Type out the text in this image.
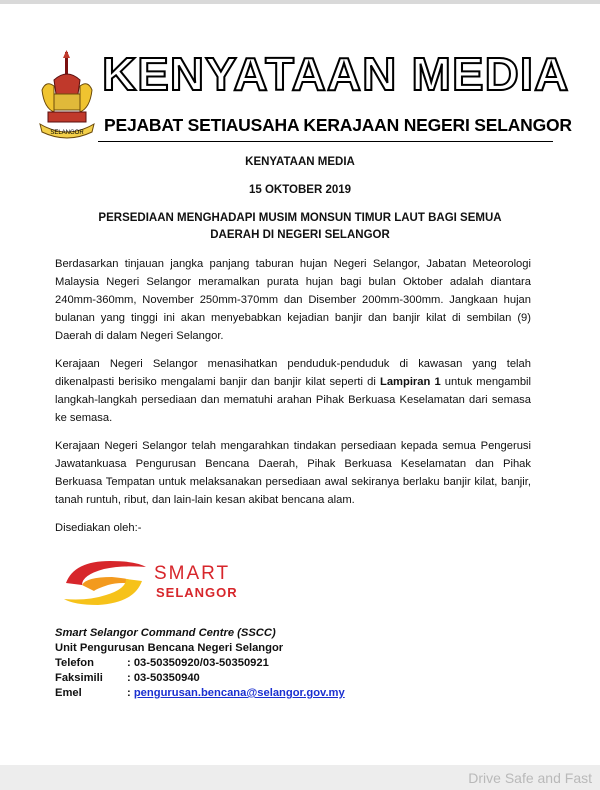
SELANGOR
KENYATAAN MEDIA
PEJABAT SETIAUSAHA KERAJAAN NEGERI SELANGOR
KENYATAAN MEDIA
15 OKTOBER 2019
PERSEDIAAN MENGHADAPI MUSIM MONSUN TIMUR LAUT BAGI SEMUA
DAERAH DI NEGERI SELANGOR
Berdasarkan tinjauan jangka panjang taburan hujan Negeri Selangor, Jabatan Meteorologi Malaysia Negeri Selangor meramalkan purata hujan bagi bulan Oktober adalah diantara 240mm-360mm, November 250mm-370mm dan Disember 200mm-300mm. Jangkaan hujan bulanan yang tinggi ini akan menyebabkan kejadian banjir dan banjir kilat di sembilan (9) Daerah di dalam Negeri Selangor.
Kerajaan Negeri Selangor menasihatkan penduduk-penduduk di kawasan yang telah dikenalpasti berisiko mengalami banjir dan banjir kilat seperti di Lampiran 1 untuk mengambil langkah-langkah persediaan dan mematuhi arahan Pihak Berkuasa Keselamatan dari semasa ke semasa.
Kerajaan Negeri Selangor telah mengarahkan tindakan persediaan kepada semua Pengerusi Jawatankuasa Pengurusan Bencana Daerah, Pihak Berkuasa Keselamatan dan Pihak Berkuasa Tempatan untuk melaksanakan persediaan awal sekiranya berlaku banjir kilat, banjir, tanah runtuh, ribut, dan lain-lain kesan akibat bencana alam.
Disediakan oleh:-
SMART
SELANGOR
Smart Selangor Command Centre (SSCC)
Unit Pengurusan Bencana Negeri Selangor
Telefon	: 03-50350920/03-50350921
Faksimili : 03-50350940
Emel	: pengurusan.bencana@selangor.gov.my
Drive Safe and Fast
